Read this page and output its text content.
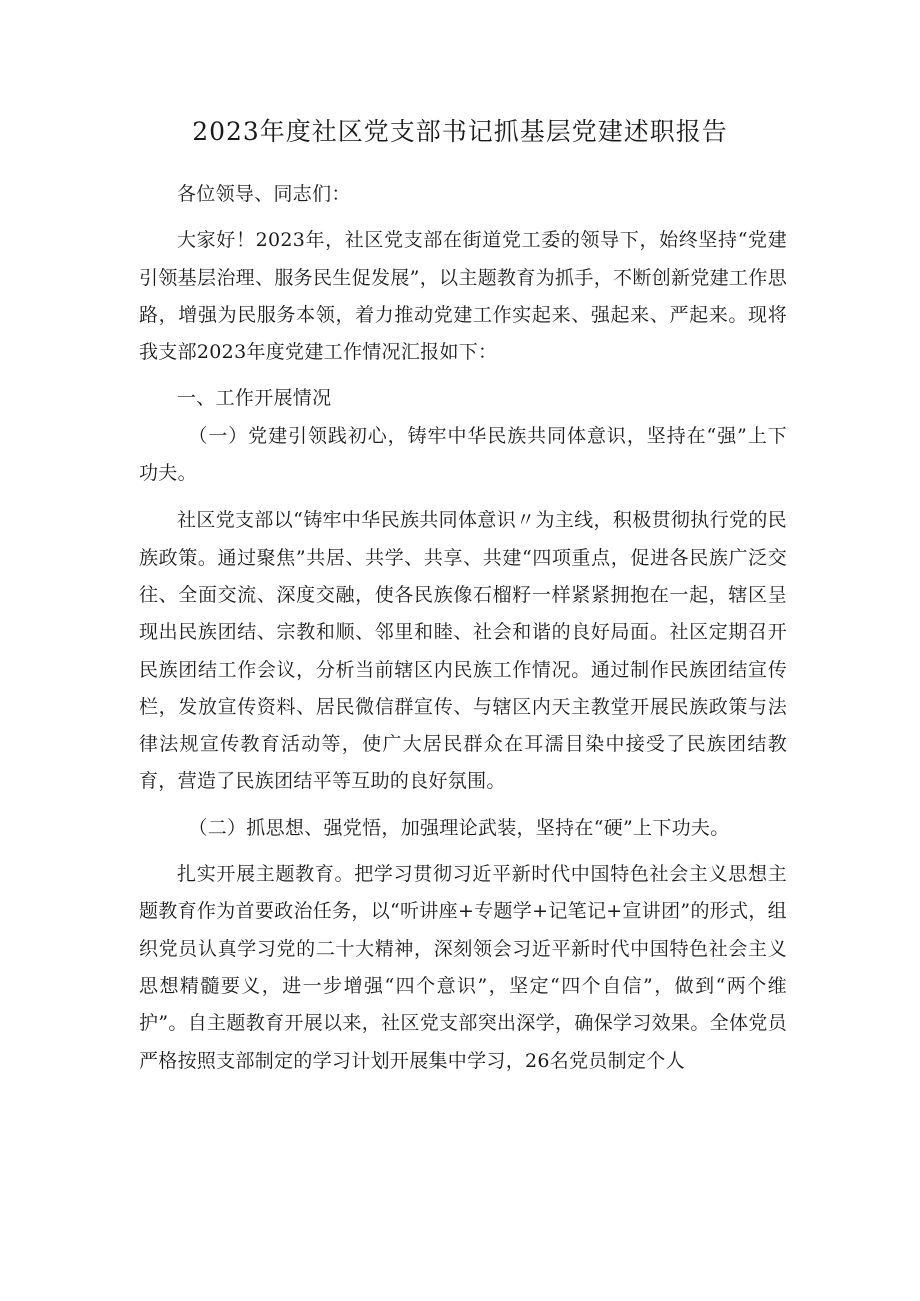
2023年度社区党支部书记抓基层党建述职报告

各位领导、同志们：

大家好！2023年，社区党支部在街道党工委的领导下，始终坚持“党建引领基层治理、服务民生促发展”，以主题教育为抓手，不断创新党建工作思路，增强为民服务本领，着力推动党建工作实起来、强起来、严起来。现将我支部2023年度党建工作情况汇报如下：

一、工作开展情况

（一）党建引领践初心，铸牢中华民族共同体意识，坚持在“强”上下功夫。

社区党支部以“铸牢中华民族共同体意识〃为主线，积极贯彻执行党的民族政策。通过聚焦”共居、共学、共享、共建“四项重点，促进各民族广泛交往、全面交流、深度交融，使各民族像石榴籽一样紧紧拥抱在一起，辖区呈现出民族团结、宗教和顺、邻里和睦、社会和谐的良好局面。社区定期召开民族团结工作会议，分析当前辖区内民族工作情况。通过制作民族团结宣传栏，发放宣传资料、居民微信群宣传、与辖区内天主教堂开展民族政策与法律法规宣传教育活动等，使广大居民群众在耳濡目染中接受了民族团结教育，营造了民族团结平等互助的良好氛围。

（二）抓思想、强党悟，加强理论武装，坚持在“硬”上下功夫。

扎实开展主题教育。把学习贯彻习近平新时代中国特色社会主义思想主题教育作为首要政治任务，以“听讲座+专题学+记笔记+宣讲团”的形式，组织党员认真学习党的二十大精神，深刻领会习近平新时代中国特色社会主义思想精髓要义，进一步增强“四个意识”，坚定“四个自信”，做到“两个维护”。自主题教育开展以来，社区党支部突出深学，确保学习效果。全体党员严格按照支部制定的学习计划开展集中学习，26名党员制定个人
